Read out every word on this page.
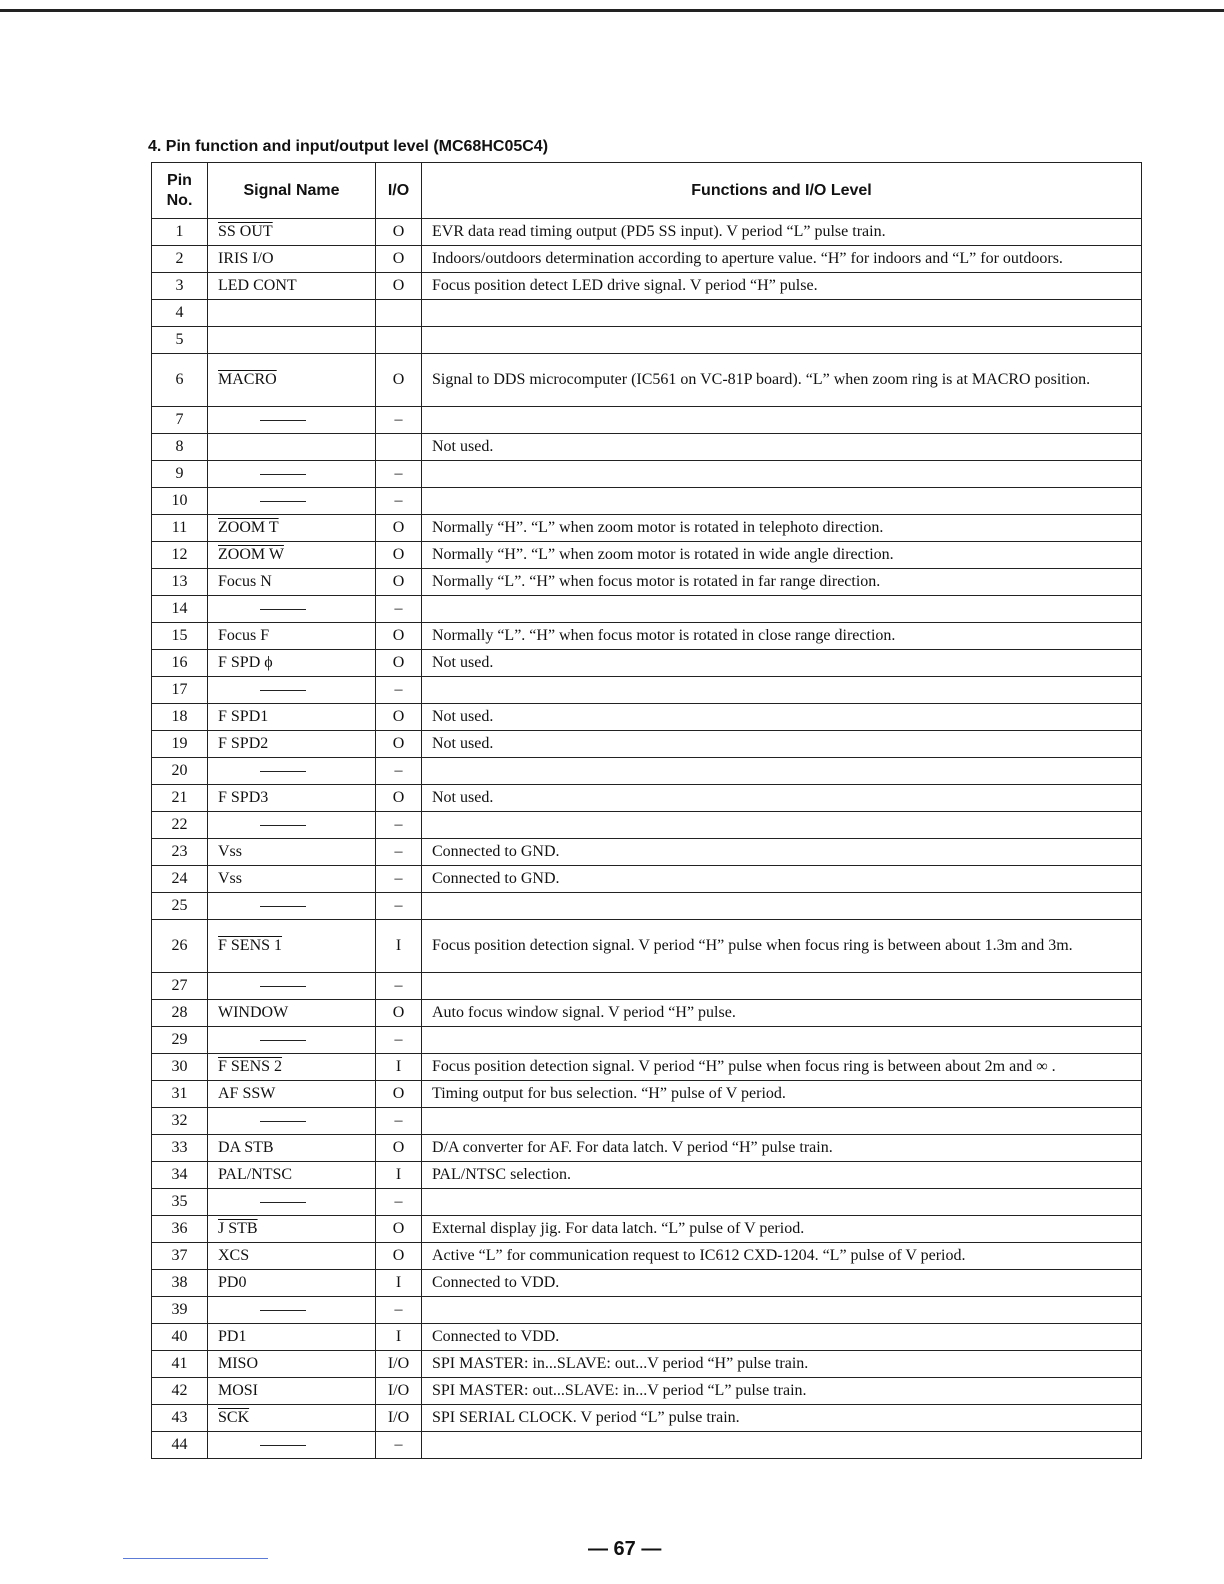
4. Pin function and input/output level (MC68HC05C4)
Pin No.	Signal Name	I/O	Functions and I/O Level
1	SS OUT	O	EVR data read timing output (PD5 SS input). V period “L” pulse train.
2	IRIS I/O	O	Indoors/outdoors determination according to aperture value. “H” for indoors and “L” for outdoors.
3	LED CONT	O	Focus position detect LED drive signal. V period “H” pulse.
4			
5			
6	MACRO	O	Signal to DDS microcomputer (IC561 on VC-81P board). “L” when zoom ring is at MACRO position.
7		–	
8			Not used.
9		–	
10		–	
11	ZOOM T	O	Normally “H”. “L” when zoom motor is rotated in telephoto direction.
12	ZOOM W	O	Normally “H”. “L” when zoom motor is rotated in wide angle direction.
13	Focus N	O	Normally “L”. “H” when focus motor is rotated in far range direction.
14		–	
15	Focus F	O	Normally “L”. “H” when focus motor is rotated in close range direction.
16	F SPD ϕ	O	Not used.
17		–	
18	F SPD1	O	Not used.
19	F SPD2	O	Not used.
20		–	
21	F SPD3	O	Not used.
22		–	
23	Vss	–	Connected to GND.
24	Vss	–	Connected to GND.
25		–	
26	F SENS 1	I	Focus position detection signal. V period “H” pulse when focus ring is between about 1.3m and 3m.
27		–	
28	WINDOW	O	Auto focus window signal. V period “H” pulse.
29		–	
30	F SENS 2	I	Focus position detection signal. V period “H” pulse when focus ring is between about 2m and ∞ .
31	AF SSW	O	Timing output for bus selection. “H” pulse of V period.
32		–	
33	DA STB	O	D/A converter for AF. For data latch. V period “H” pulse train.
34	PAL/NTSC	I	PAL/NTSC selection.
35		–	
36	J STB	O	External display jig. For data latch. “L” pulse of V period.
37	XCS	O	Active “L” for communication request to IC612 CXD-1204. “L” pulse of V period.
38	PD0	I	Connected to VDD.
39		–	
40	PD1	I	Connected to VDD.
41	MISO	I/O	SPI MASTER: in...SLAVE: out...V period “H” pulse train.
42	MOSI	I/O	SPI MASTER: out...SLAVE: in...V period “L” pulse train.
43	$\overline{SCK}$	I/O	SPI SERIAL CLOCK. V period “L” pulse train.
44		–	
— 67 —
